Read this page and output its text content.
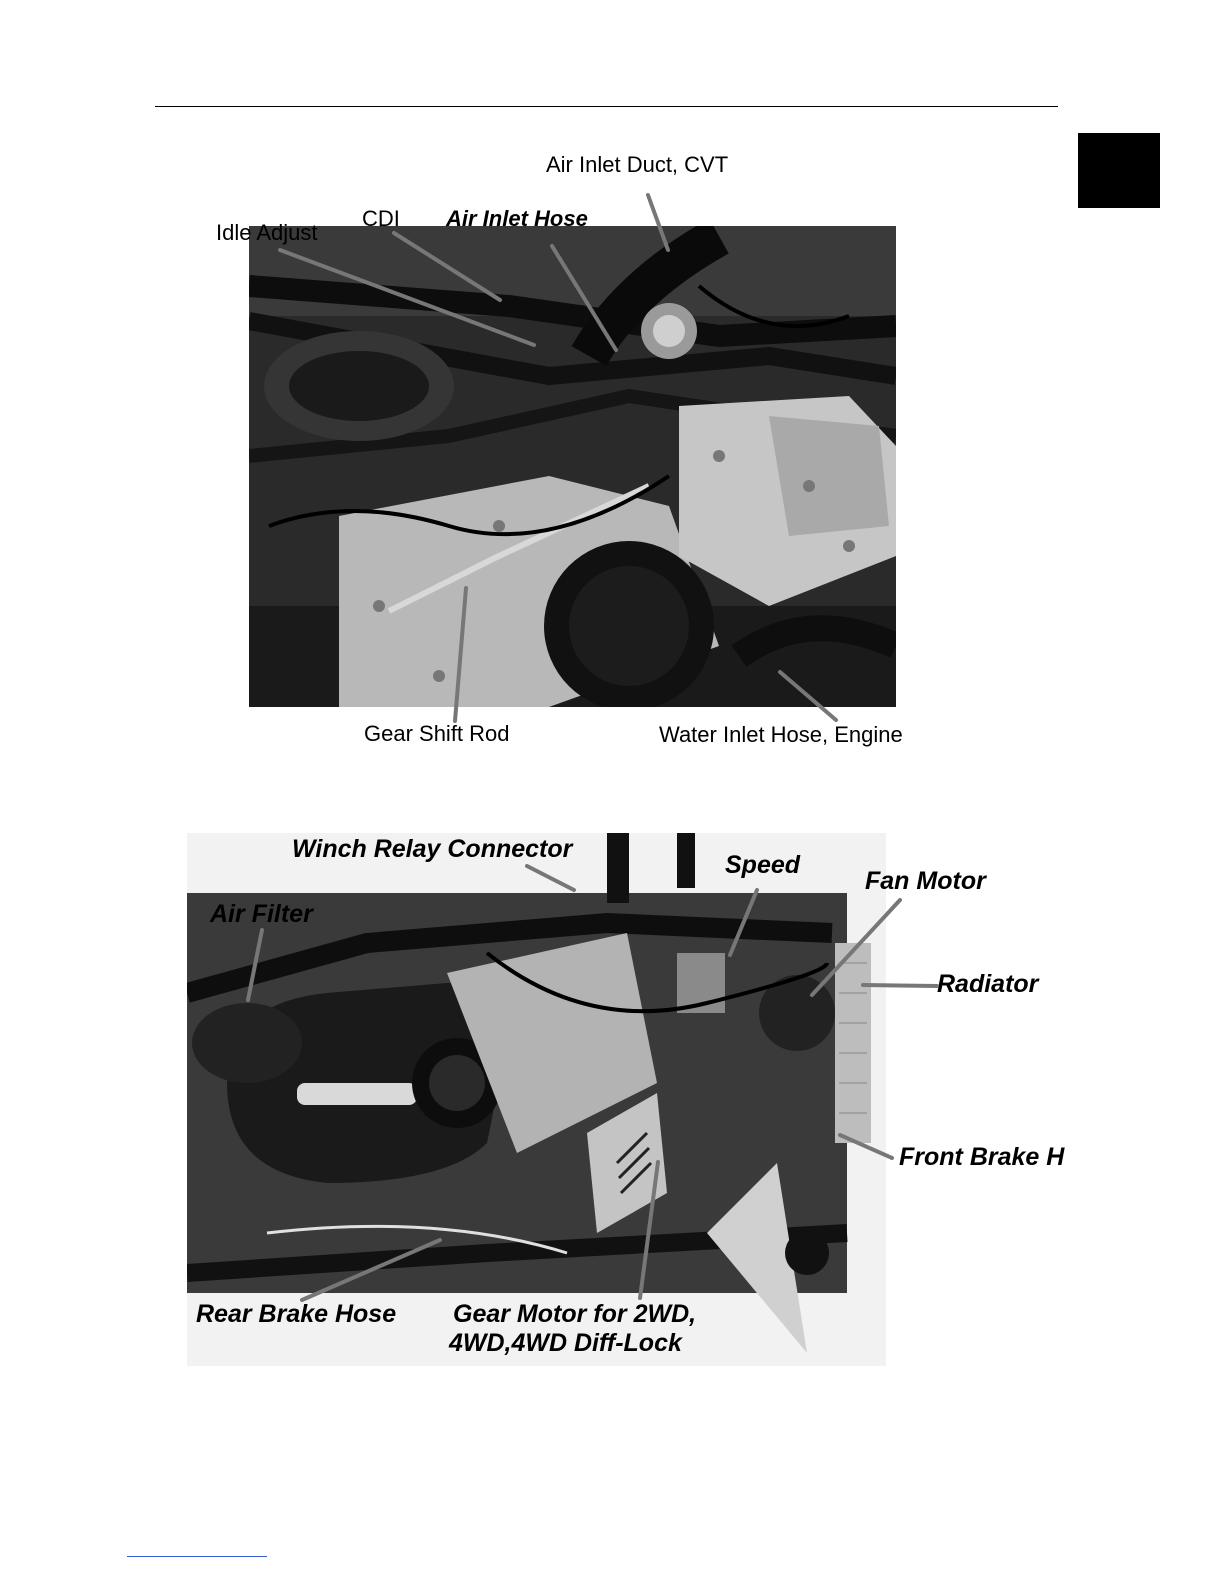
Air Inlet Duct, CVT
CDI Air Inlet Hose
Idle Adjust
Gear Shift Rod	Water Inlet Hose, Engine
Winch Relay Connector
Speed
Fan Motor
Air Filter
Radiator
Front Brake H
Rear Brake Hose Gear Motor for 2WD,
4WD,4WD Diff-Lock
